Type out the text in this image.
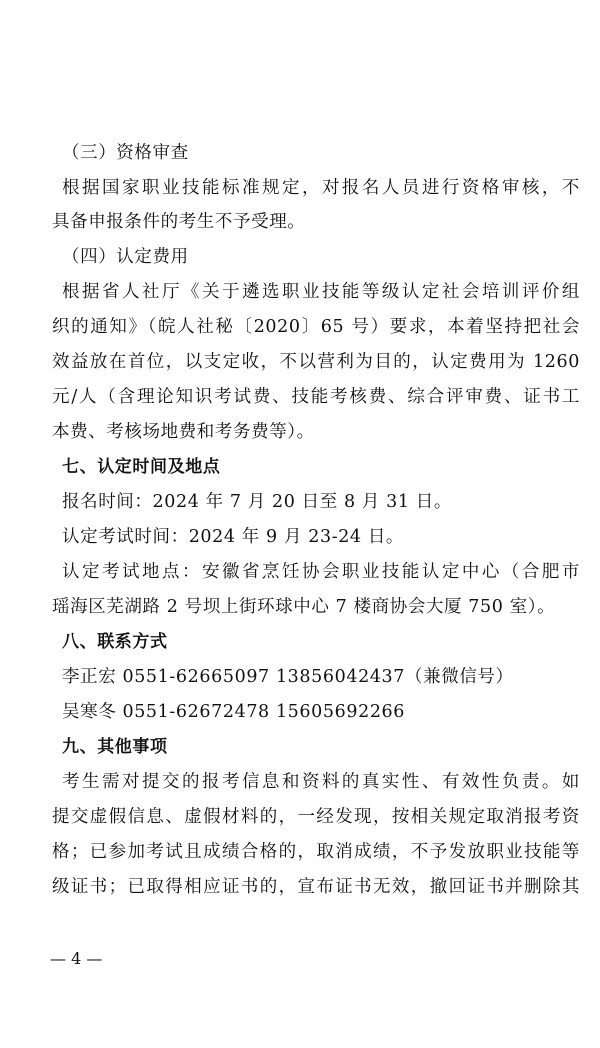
（三）资格审查
根据国家职业技能标准规定，对报名人员进行资格审核，不
具备申报条件的考生不予受理。
（四）认定费用
根据省人社厅《关于遴选职业技能等级认定社会培训评价组
织的通知》（皖人社秘〔2020〕65 号）要求，本着坚持把社会
效益放在首位，以支定收，不以营利为目的，认定费用为 1260
元/人（含理论知识考试费、技能考核费、综合评审费、证书工
本费、考核场地费和考务费等）。
七、认定时间及地点
报名时间：2024 年 7 月 20 日至 8 月 31 日。
认定考试时间：2024 年 9 月 23-24 日。
认定考试地点：安徽省烹饪协会职业技能认定中心（合肥市
瑶海区芜湖路 2 号坝上街环球中心 7 楼商协会大厦 750 室）。
八、联系方式
李正宏 0551-62665097 13856042437（兼微信号）
吴寒冬 0551-62672478 15605692266
九、其他事项
考生需对提交的报考信息和资料的真实性、有效性负责。如
提交虚假信息、虚假材料的，一经发现，按相关规定取消报考资
格；已参加考试且成绩合格的，取消成绩，不予发放职业技能等
级证书；已取得相应证书的，宣布证书无效，撤回证书并删除其
— 4 —
